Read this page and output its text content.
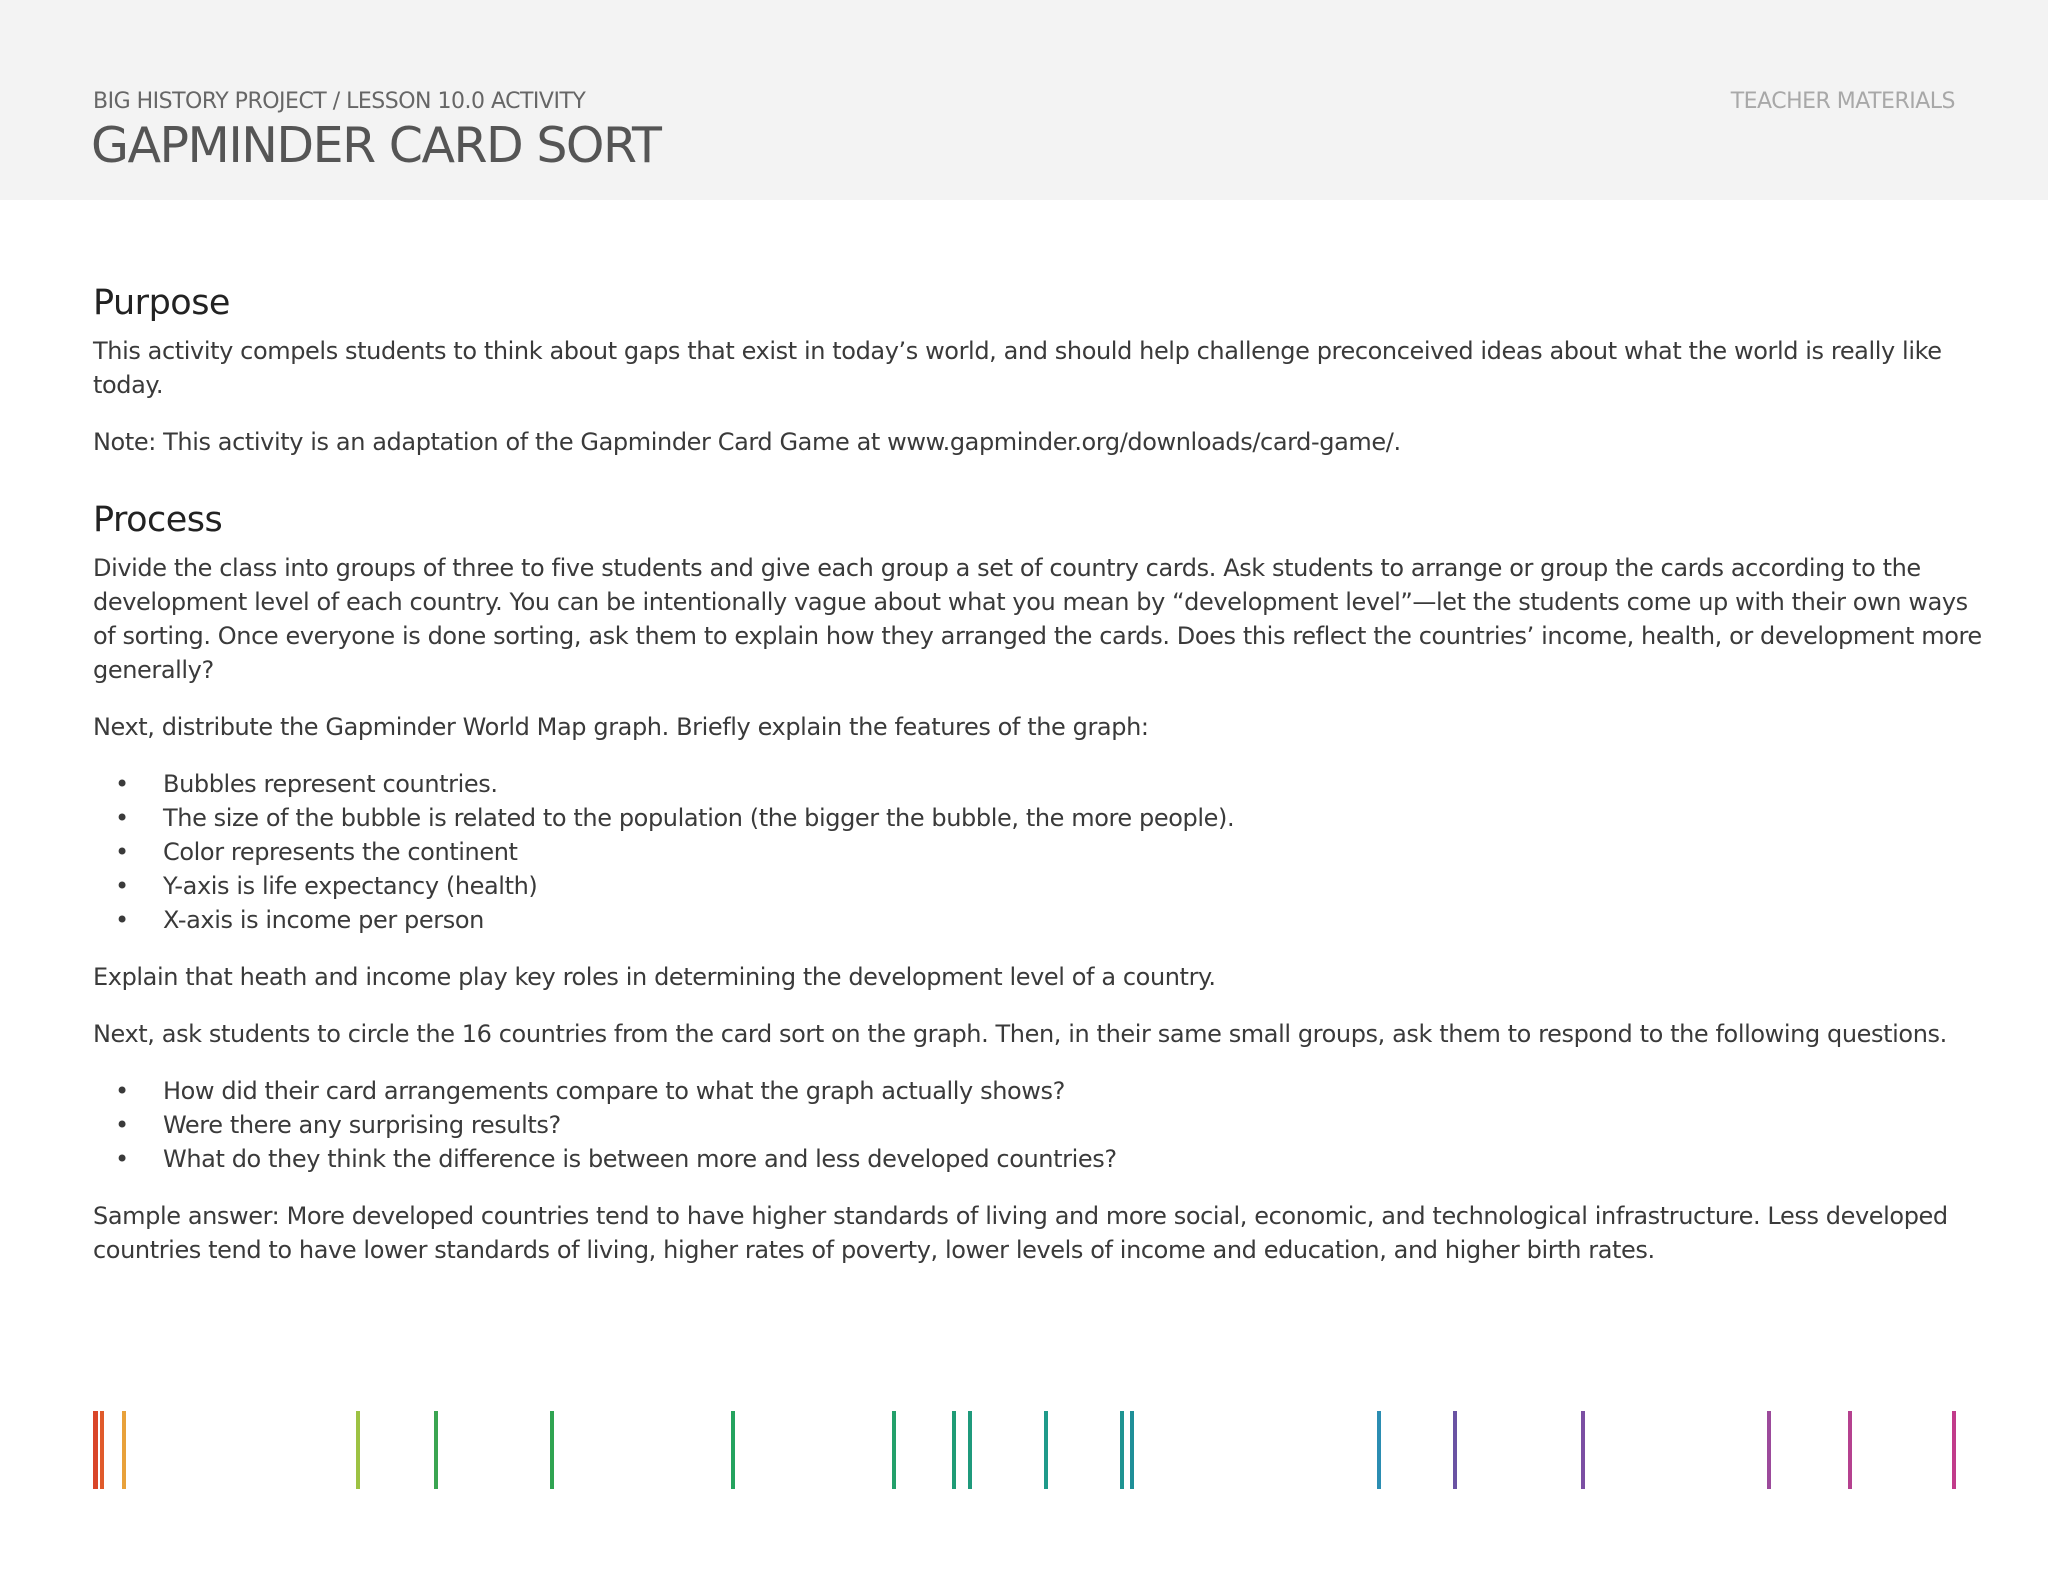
BIG HISTORY PROJECT / LESSON 10.0 ACTIVITY
GAPMINDER CARD SORT
TEACHER MATERIALS
Purpose

This activity compels students to think about gaps that exist in today’s world, and should help challenge preconceived ideas about what the world is really like today.

Note: This activity is an adaptation of the Gapminder Card Game at www.gapminder.org/downloads/card-game/.

Process

Divide the class into groups of three to five students and give each group a set of country cards. Ask students to arrange or group the cards according to the development level of each country. You can be intentionally vague about what you mean by “development level”—let the students come up with their own ways of sorting. Once everyone is done sorting, ask them to explain how they arranged the cards. Does this reflect the countries’ income, health, or development more generally?

Next, distribute the Gapminder World Map graph. Briefly explain the features of the graph:

• Bubbles represent countries.
• The size of the bubble is related to the population (the bigger the bubble, the more people).
• Color represents the continent
• Y-axis is life expectancy (health)
• X-axis is income per person

Explain that heath and income play key roles in determining the development level of a country.

Next, ask students to circle the 16 countries from the card sort on the graph. Then, in their same small groups, ask them to respond to the following questions.

• How did their card arrangements compare to what the graph actually shows?
• Were there any surprising results?
• What do they think the difference is between more and less developed countries?

Sample answer: More developed countries tend to have higher standards of living and more social, economic, and technological infrastructure. Less developed countries tend to have lower standards of living, higher rates of poverty, lower levels of income and education, and higher birth rates.
